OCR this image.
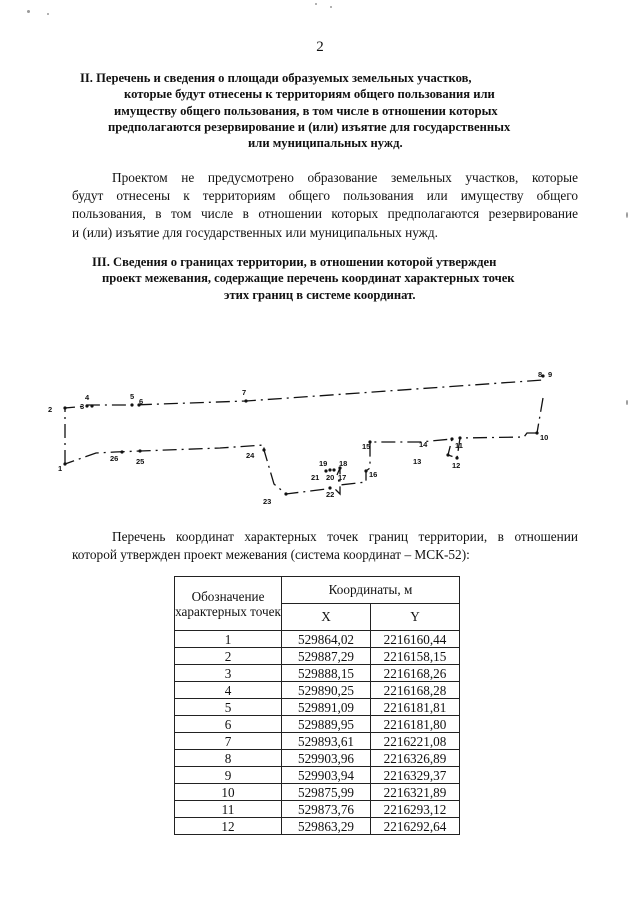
2
II. Перечень и сведения о площади образуемых земельных участков,
которые будут отнесены к территориям общего пользования или
имуществу общего пользования, в том числе в отношении которых
предполагаются резервирование и (или) изъятие для государственных
или муниципальных нужд.
Проектом не предусмотрено образование земельных участков, которые
будут отнесены к территориям общего пользования или имуществу общего
пользования, в том числе в отношении которых предполагаются резервирование
и (или) изъятие для государственных или муниципальных нужд.
III. Сведения о границах территории, в отношении которой утвержден
проект межевания, содержащие перечень координат характерных точек
этих границ в системе координат.
1
2	3
4	5
6
7
8 9
10
11
12
13
14
15
16
17
18
19
20
21
22
23
24
25
26
Перечень координат характерных точек границ территории, в отношении
которой утвержден проект межевания (система координат – МСК-52):
Обозначение характерных точек	Координаты, м	
	X	Y
1	529864,02	2216160,44
2	529887,29	2216158,15
3	529888,15	2216168,26
4	529890,25	2216168,28
5	529891,09	2216181,81
6	529889,95	2216181,80
7	529893,61	2216221,08
8	529903,96	2216326,89
9	529903,94	2216329,37
10	529875,99	2216321,89
11	529873,76	2216293,12
12	529863,29	2216292,64
